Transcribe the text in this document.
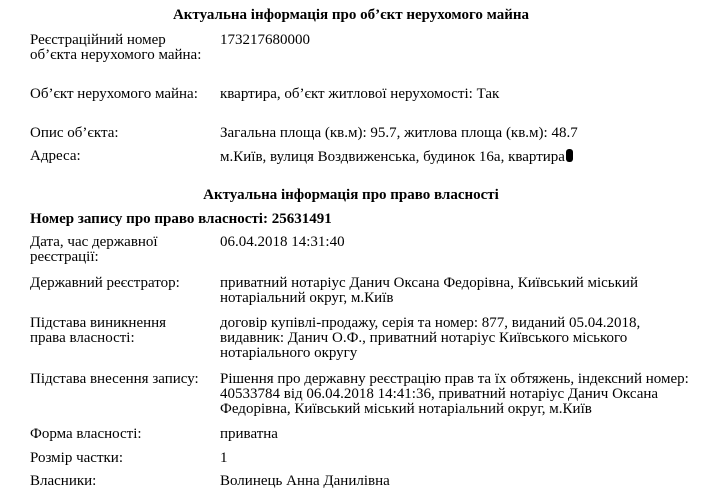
Актуальна інформація про об’єкт нерухомого майна
Реєстраційний номер об’єкта нерухомого майна:
173217680000
Об’єкт нерухомого майна:	квартира, об’єкт житлової нерухомості: Так
Опис об’єкта:	Загальна площа (кв.м): 95.7, житлова площа (кв.м): 48.7
Адреса:	м.Київ, вулиця Воздвиженська, будинок 16а, квартира
Актуальна інформація про право власності
Номер запису про право власності: 25631491
Дата, час державної реєстрації:
06.04.2018 14:31:40
Державний реєстратор:	приватний нотаріус Данич Оксана Федорівна, Київський міський нотаріальний округ, м.Київ
Підстава виникнення права власності:
договір купівлі-продажу, серія та номер: 877, виданий 05.04.2018, видавник: Данич О.Ф., приватний нотаріус Київського міського нотаріального округу
Підстава внесення запису:	Рішення про державну реєстрацію прав та їх обтяжень, індексний номер: 40533784 від 06.04.2018 14:41:36, приватний нотаріус Данич Оксана Федорівна, Київський міський нотаріальний округ, м.Київ
Форма власності:	приватна
Розмір частки:	1
Власники:	Волинець Анна Данилівна
